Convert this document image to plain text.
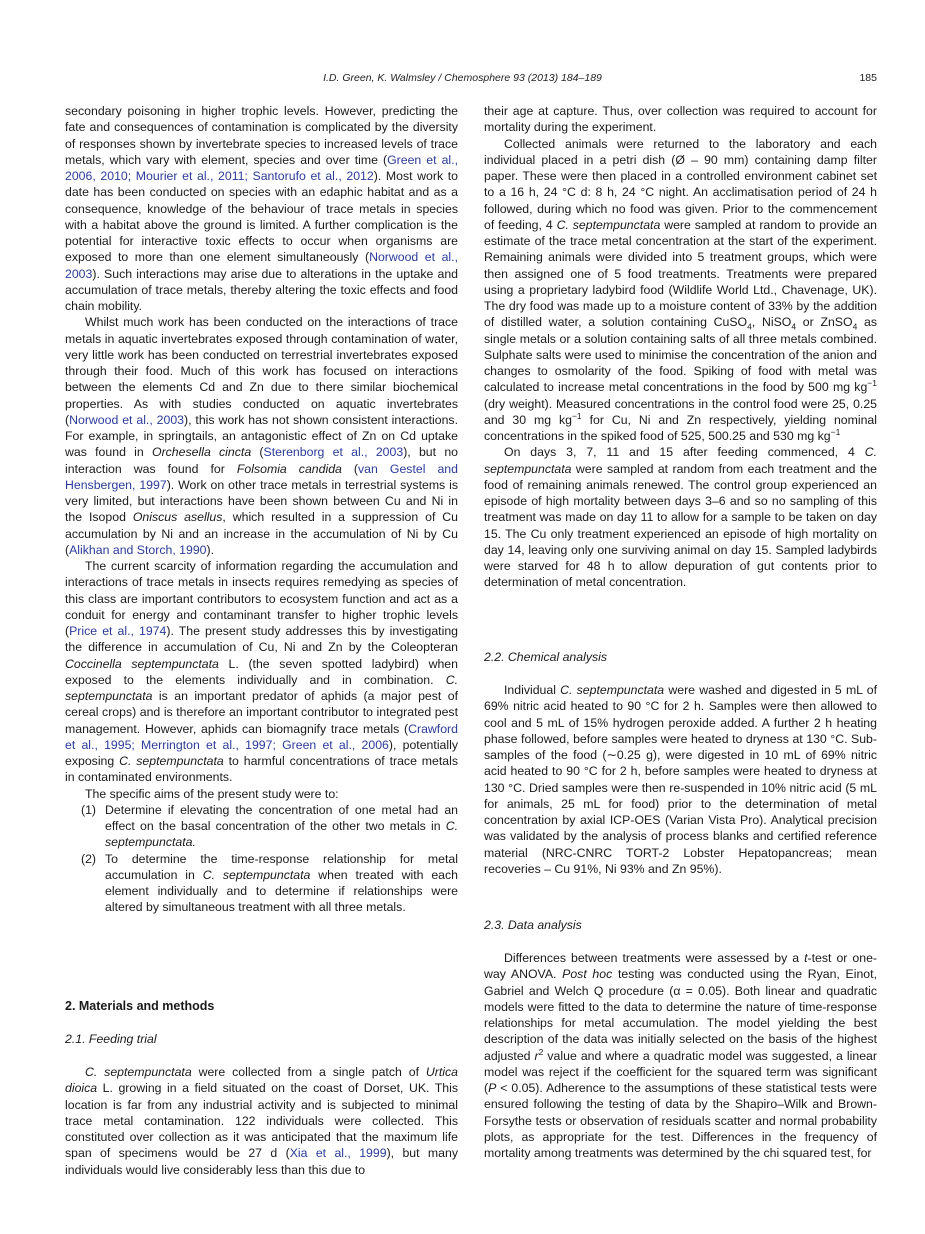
I.D. Green, K. Walmsley / Chemosphere 93 (2013) 184–189	185

secondary poisoning in higher trophic levels. However, predicting the fate and consequences of contamination is complicated by the diversity of responses shown by invertebrate species to increased levels of trace metals, which vary with element, species and over time (Green et al., 2006, 2010; Mourier et al., 2011; Santorufo et al., 2012). Most work to date has been conducted on species with an edaphic habitat and as a consequence, knowledge of the behaviour of trace metals in species with a habitat above the ground is limited. A further complication is the potential for interactive toxic effects to occur when organisms are exposed to more than one element simultaneously (Norwood et al., 2003). Such interactions may arise due to alterations in the uptake and accumulation of trace metals, thereby altering the toxic effects and food chain mobility.

Whilst much work has been conducted on the interactions of trace metals in aquatic invertebrates exposed through contamination of water, very little work has been conducted on terrestrial invertebrates exposed through their food. Much of this work has focused on interactions between the elements Cd and Zn due to there similar biochemical properties. As with studies conducted on aquatic invertebrates (Norwood et al., 2003), this work has not shown consistent interactions. For example, in springtails, an antagonistic effect of Zn on Cd uptake was found in Orchesella cincta (Sterenborg et al., 2003), but no interaction was found for Folsomia candida (van Gestel and Hensbergen, 1997). Work on other trace metals in terrestrial systems is very limited, but interactions have been shown between Cu and Ni in the Isopod Oniscus asellus, which resulted in a suppression of Cu accumulation by Ni and an increase in the accumulation of Ni by Cu (Alikhan and Storch, 1990).

The current scarcity of information regarding the accumulation and interactions of trace metals in insects requires remedying as species of this class are important contributors to ecosystem function and act as a conduit for energy and contaminant transfer to higher trophic levels (Price et al., 1974). The present study addresses this by investigating the difference in accumulation of Cu, Ni and Zn by the Coleopteran Coccinella septempunctata L. (the seven spotted ladybird) when exposed to the elements individually and in combination. C. septempunctata is an important predator of aphids (a major pest of cereal crops) and is therefore an important contributor to integrated pest management. However, aphids can biomagnify trace metals (Crawford et al., 1995; Merrington et al., 1997; Green et al., 2006), potentially exposing C. septempunctata to harmful concentrations of trace metals in contaminated environments.

The specific aims of the present study were to:

(1) Determine if elevating the concentration of one metal had an effect on the basal concentration of the other two metals in C. septempunctata.
(2) To determine the time-response relationship for metal accumulation in C. septempunctata when treated with each element individually and to determine if relationships were altered by simultaneous treatment with all three metals.
2. Materials and methods
2.1. Feeding trial

C. septempunctata were collected from a single patch of Urtica dioica L. growing in a field situated on the coast of Dorset, UK. This location is far from any industrial activity and is subjected to minimal trace metal contamination. 122 individuals were collected. This constituted over collection as it was anticipated that the maximum life span of specimens would be 27 d (Xia et al., 1999), but many individuals would live considerably less than this due to

their age at capture. Thus, over collection was required to account for mortality during the experiment.

Collected animals were returned to the laboratory and each individual placed in a petri dish (Ø – 90 mm) containing damp filter paper. These were then placed in a controlled environment cabinet set to a 16 h, 24 °C d: 8 h, 24 °C night. An acclimatisation period of 24 h followed, during which no food was given. Prior to the commencement of feeding, 4 C. septempunctata were sampled at random to provide an estimate of the trace metal concentration at the start of the experiment. Remaining animals were divided into 5 treatment groups, which were then assigned one of 5 food treatments. Treatments were prepared using a proprietary ladybird food (Wildlife World Ltd., Chavenage, UK). The dry food was made up to a moisture content of 33% by the addition of distilled water, a solution containing CuSO$_4$, NiSO$_4$ or ZnSO$_4$ as single metals or a solution containing salts of all three metals combined. Sulphate salts were used to minimise the concentration of the anion and changes to osmolarity of the food. Spiking of food with metal was calculated to increase metal concentrations in the food by 500 mg $kg^{-1}$ (dry weight). Measured concentrations in the control food were 25, 0.25 and 30 mg $kg^{-1}$ for Cu, Ni and Zn respectively, yielding nominal concentrations in the spiked food of 525, 500.25 and 530 mg $kg^{-1}$

On days 3, 7, 11 and 15 after feeding commenced, 4 C. septempunctata were sampled at random from each treatment and the food of remaining animals renewed. The control group experienced an episode of high mortality between days 3–6 and so no sampling of this treatment was made on day 11 to allow for a sample to be taken on day 15. The Cu only treatment experienced an episode of high mortality on day 14, leaving only one surviving animal on day 15. Sampled ladybirds were starved for 48 h to allow depuration of gut contents prior to determination of metal concentration.

2.2. Chemical analysis

Individual C. septempunctata were washed and digested in 5 mL of 69% nitric acid heated to 90 °C for 2 h. Samples were then allowed to cool and 5 mL of 15% hydrogen peroxide added. A further 2 h heating phase followed, before samples were heated to dryness at 130 °C. Sub-samples of the food (∼0.25 g), were digested in 10 mL of 69% nitric acid heated to 90 °C for 2 h, before samples were heated to dryness at 130 °C. Dried samples were then re-suspended in 10% nitric acid (5 mL for animals, 25 mL for food) prior to the determination of metal concentration by axial ICP-OES (Varian Vista Pro). Analytical precision was validated by the analysis of process blanks and certified reference material (NRC-CNRC TORT-2 Lobster Hepatopancreas; mean recoveries – Cu 91%, Ni 93% and Zn 95%).

2.3. Data analysis

Differences between treatments were assessed by a t-test or one-way ANOVA. Post hoc testing was conducted using the Ryan, Einot, Gabriel and Welch Q procedure (α = 0.05). Both linear and quadratic models were fitted to the data to determine the nature of time-response relationships for metal accumulation. The model yielding the best description of the data was initially selected on the basis of the highest adjusted $r^2$ value and where a quadratic model was suggested, a linear model was reject if the coefficient for the squared term was significant (P < 0.05). Adherence to the assumptions of these statistical tests were ensured following the testing of data by the Shapiro–Wilk and Brown-Forsythe tests or observation of residuals scatter and normal probability plots, as appropriate for the test. Differences in the frequency of mortality among treatments was determined by the chi squared test, for
